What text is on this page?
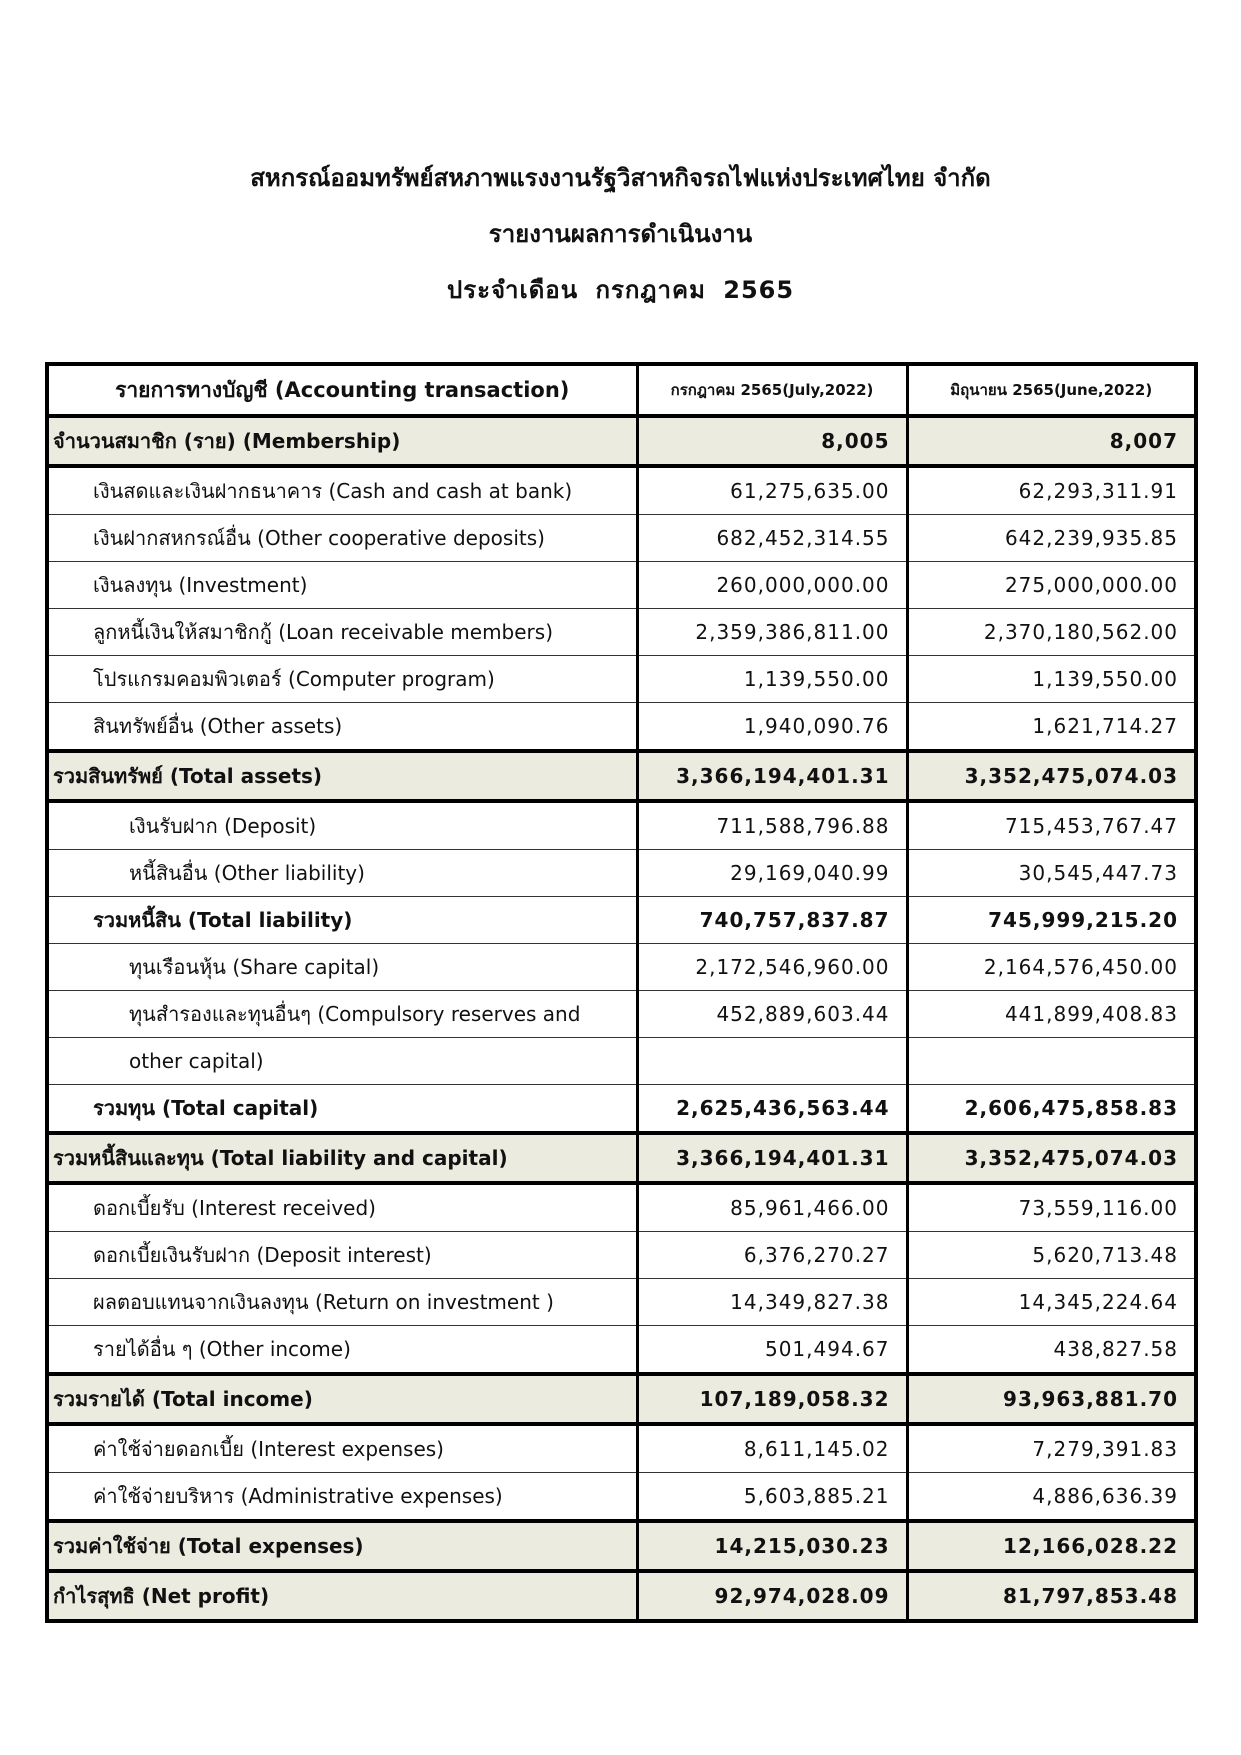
สหกรณ์ออมทรัพย์สหภาพแรงงานรัฐวิสาหกิจรถไฟแห่งประเทศไทย จำกัด
รายงานผลการดำเนินงาน
ประจำเดือน กรกฎาคม 2565
รายการทางบัญชี (Accounting transaction)	กรกฎาคม 2565(July,2022)	มิถุนายน 2565(June,2022)
จำนวนสมาชิก (ราย) (Membership)	8,005	8,007
เงินสดและเงินฝากธนาคาร (Cash and cash at bank)	61,275,635.00	62,293,311.91
เงินฝากสหกรณ์อื่น (Other cooperative deposits)	682,452,314.55	642,239,935.85
เงินลงทุน (Investment)	260,000,000.00	275,000,000.00
ลูกหนี้เงินให้สมาชิกกู้ (Loan receivable members)	2,359,386,811.00	2,370,180,562.00
โปรแกรมคอมพิวเตอร์ (Computer program)	1,139,550.00	1,139,550.00
สินทรัพย์อื่น (Other assets)	1,940,090.76	1,621,714.27
รวมสินทรัพย์ (Total assets)	3,366,194,401.31	3,352,475,074.03
เงินรับฝาก (Deposit)	711,588,796.88	715,453,767.47
หนี้สินอื่น (Other liability)	29,169,040.99	30,545,447.73
รวมหนี้สิน (Total liability)	740,757,837.87	745,999,215.20
ทุนเรือนหุ้น (Share capital)	2,172,546,960.00	2,164,576,450.00
ทุนสำรองและทุนอื่นๆ (Compulsory reserves and	452,889,603.44	441,899,408.83
other capital)		
รวมทุน (Total capital)	2,625,436,563.44	2,606,475,858.83
รวมหนี้สินและทุน (Total liability and capital)	3,366,194,401.31	3,352,475,074.03
ดอกเบี้ยรับ (Interest received)	85,961,466.00	73,559,116.00
ดอกเบี้ยเงินรับฝาก (Deposit interest)	6,376,270.27	5,620,713.48
ผลตอบแทนจากเงินลงทุน (Return on investment )	14,349,827.38	14,345,224.64
รายได้อื่น ๆ (Other income)	501,494.67	438,827.58
รวมรายได้ (Total income)	107,189,058.32	93,963,881.70
ค่าใช้จ่ายดอกเบี้ย (Interest expenses)	8,611,145.02	7,279,391.83
ค่าใช้จ่ายบริหาร (Administrative expenses)	5,603,885.21	4,886,636.39
รวมค่าใช้จ่าย (Total expenses)	14,215,030.23	12,166,028.22
กำไรสุทธิ (Net profit)	92,974,028.09	81,797,853.48
